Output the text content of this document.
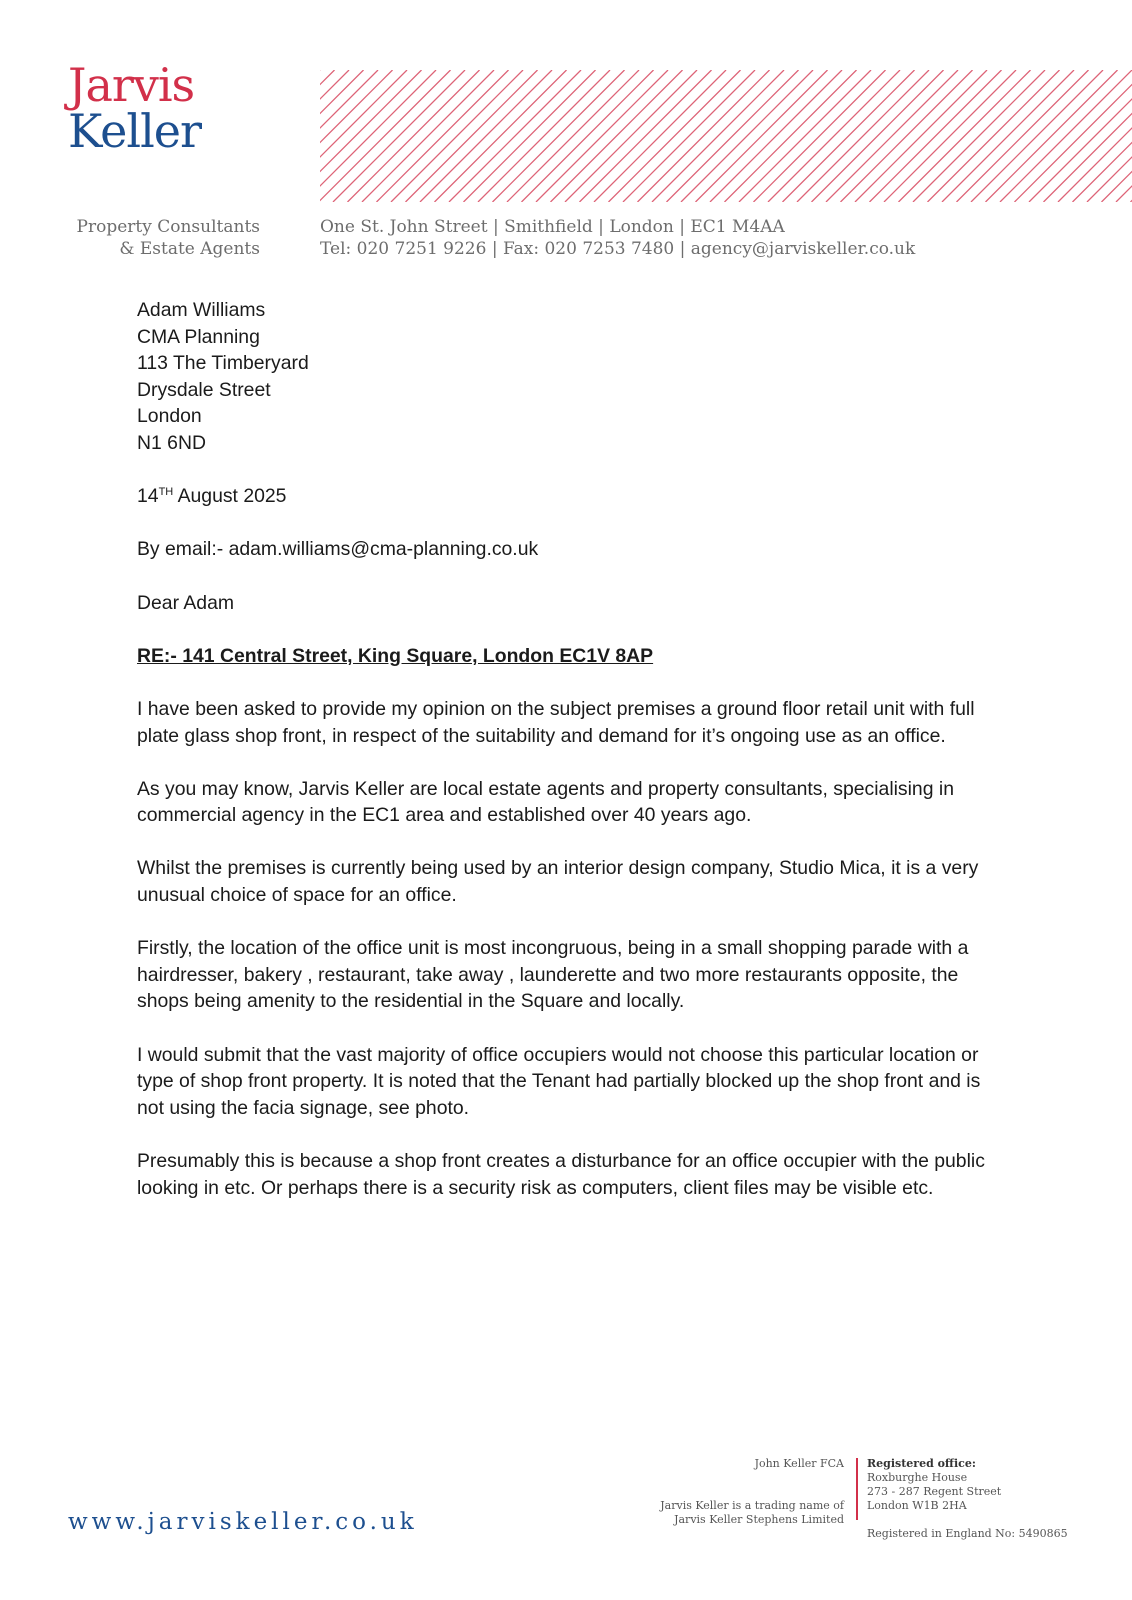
Jarvis
Keller
Property Consultants
& Estate Agents
One St. John Street | Smithfield | London | EC1 M4AA
Tel: 020 7251 9226 | Fax: 020 7253 7480 | agency@jarviskeller.co.uk

Adam Williams
CMA Planning
113 The Timberyard
Drysdale Street
London
N1 6ND

14TH August 2025

By email:- adam.williams@cma-planning.co.uk

Dear Adam

RE:- 141 Central Street, King Square, London EC1V 8AP

I have been asked to provide my opinion on the subject premises a ground floor retail unit with full plate glass shop front, in respect of the suitability and demand for it’s ongoing use as an office.

As you may know, Jarvis Keller are local estate agents and property consultants, specialising in commercial agency in the EC1 area and established over 40 years ago.

Whilst the premises is currently being used by an interior design company, Studio Mica, it is a very unusual choice of space for an office.

Firstly, the location of the office unit is most incongruous, being in a small shopping parade with a hairdresser, bakery , restaurant, take away , launderette and two more restaurants opposite, the shops being amenity to the residential in the Square and locally.

I would submit that the vast majority of office occupiers would not choose this particular location or type of shop front property. It is noted that the Tenant had partially blocked up the shop front and is not using the facia signage, see photo.

Presumably this is because a shop front creates a disturbance for an office occupier with the public looking in etc. Or perhaps there is a security risk as computers, client files may be visible etc.

www.jarviskeller.co.uk
John Keller FCA
Jarvis Keller is a trading name of
Jarvis Keller Stephens Limited
Registered office:
Roxburghe House
273 - 287 Regent Street
London W1B 2HA
Registered in England No: 5490865
